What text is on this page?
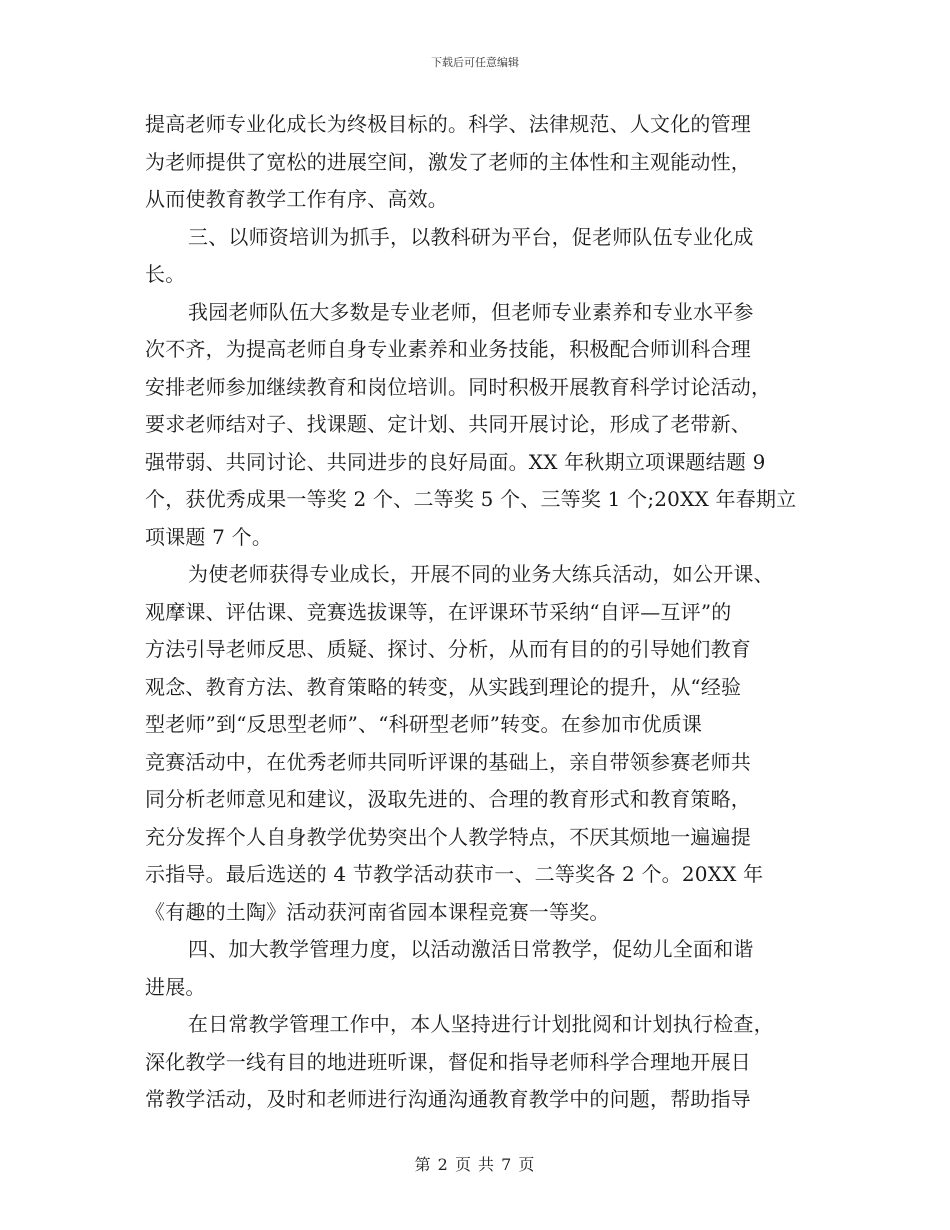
下载后可任意编辑
提高老师专业化成长为终极目标的。科学、法律规范、人文化的管理
为老师提供了宽松的进展空间，激发了老师的主体性和主观能动性，
从而使教育教学工作有序、高效。
三、以师资培训为抓手，以教科研为平台，促老师队伍专业化成
长。
我园老师队伍大多数是专业老师，但老师专业素养和专业水平参
次不齐，为提高老师自身专业素养和业务技能，积极配合师训科合理
安排老师参加继续教育和岗位培训。同时积极开展教育科学讨论活动，
要求老师结对子、找课题、定计划、共同开展讨论，形成了老带新、
强带弱、共同讨论、共同进步的良好局面。XX 年秋期立项课题结题 9
个，获优秀成果一等奖 2 个、二等奖 5 个、三等奖 1 个;20XX 年春期立
项课题 7 个。
为使老师获得专业成长，开展不同的业务大练兵活动，如公开课、
观摩课、评估课、竞赛选拔课等，在评课环节采纳“自评—互评”的
方法引导老师反思、质疑、探讨、分析，从而有目的的引导她们教育
观念、教育方法、教育策略的转变，从实践到理论的提升，从“经验
型老师”到“反思型老师”、“科研型老师”转变。在参加市优质课
竞赛活动中，在优秀老师共同听评课的基础上，亲自带领参赛老师共
同分析老师意见和建议，汲取先进的、合理的教育形式和教育策略，
充分发挥个人自身教学优势突出个人教学特点，不厌其烦地一遍遍提
示指导。最后选送的 4 节教学活动获市一、二等奖各 2 个。20XX 年
《有趣的土陶》活动获河南省园本课程竞赛一等奖。
四、加大教学管理力度，以活动激活日常教学，促幼儿全面和谐
进展。
在日常教学管理工作中，本人坚持进行计划批阅和计划执行检查，
深化教学一线有目的地进班听课，督促和指导老师科学合理地开展日
常教学活动，及时和老师进行沟通沟通教育教学中的问题，帮助指导
第 2 页 共 7 页
